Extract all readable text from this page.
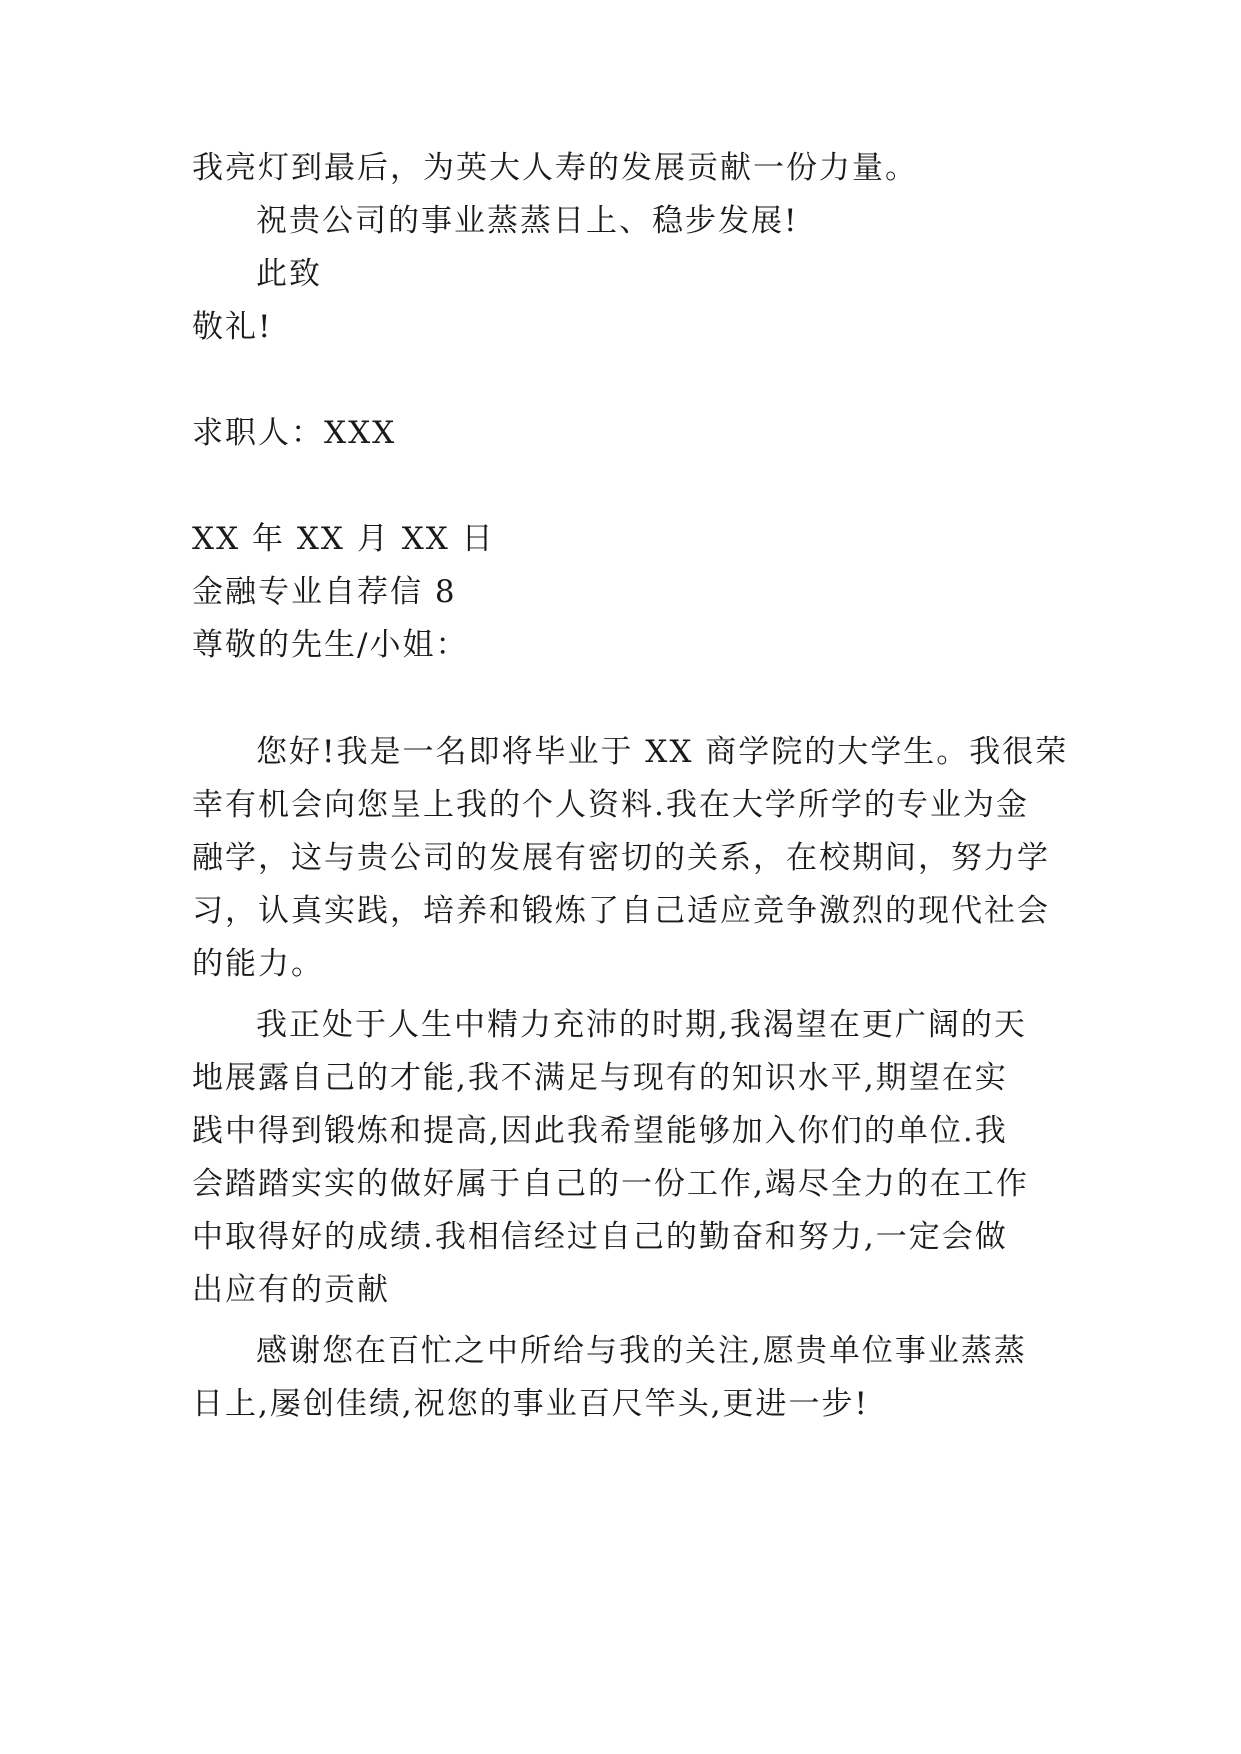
我亮灯到最后，为英大人寿的发展贡献一份力量。
祝贵公司的事业蒸蒸日上、稳步发展!
此致
敬礼!
求职人：XXX
XX 年 XX 月 XX 日
金融专业自荐信 8
尊敬的先生/小姐：
您好!我是一名即将毕业于 XX 商学院的大学生。我很荣
幸有机会向您呈上我的个人资料.我在大学所学的专业为金
融学，这与贵公司的发展有密切的关系，在校期间，努力学
习，认真实践，培养和锻炼了自己适应竞争激烈的现代社会
的能力。
我正处于人生中精力充沛的时期,我渴望在更广阔的天
地展露自己的才能,我不满足与现有的知识水平,期望在实
践中得到锻炼和提高,因此我希望能够加入你们的单位.我
会踏踏实实的做好属于自己的一份工作,竭尽全力的在工作
中取得好的成绩.我相信经过自己的勤奋和努力,一定会做
出应有的贡献
感谢您在百忙之中所给与我的关注,愿贵单位事业蒸蒸
日上,屡创佳绩,祝您的事业百尺竿头,更进一步!
